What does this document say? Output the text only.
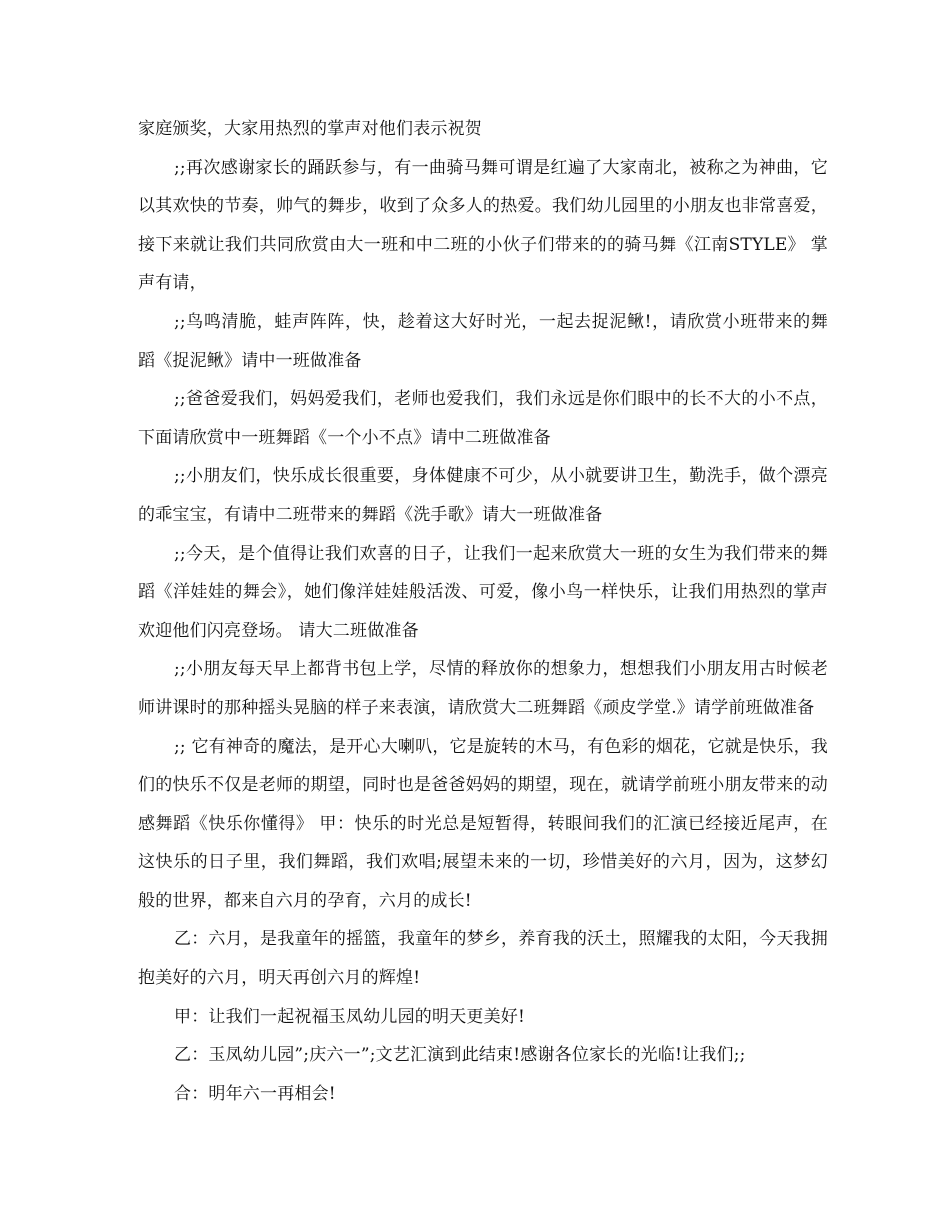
家庭颁奖，大家用热烈的掌声对他们表示祝贺

;;再次感谢家长的踊跃参与，有一曲骑马舞可谓是红遍了大家南北，被称之为神曲，它以其欢快的节奏，帅气的舞步，收到了众多人的热爱。我们幼儿园里的小朋友也非常喜爱，接下来就让我们共同欣赏由大一班和中二班的小伙子们带来的的骑马舞《江南STYLE》 掌声有请，

;;鸟鸣清脆，蛙声阵阵，快，趁着这大好时光，一起去捉泥鳅!，请欣赏小班带来的舞蹈《捉泥鳅》请中一班做准备

;;爸爸爱我们，妈妈爱我们，老师也爱我们，我们永远是你们眼中的长不大的小不点，下面请欣赏中一班舞蹈《一个小不点》请中二班做准备

;;小朋友们，快乐成长很重要，身体健康不可少，从小就要讲卫生，勤洗手，做个漂亮的乖宝宝，有请中二班带来的舞蹈《洗手歌》请大一班做准备

;;今天，是个值得让我们欢喜的日子，让我们一起来欣赏大一班的女生为我们带来的舞蹈《洋娃娃的舞会》，她们像洋娃娃般活泼、可爱，像小鸟一样快乐，让我们用热烈的掌声欢迎他们闪亮登场。 请大二班做准备

;;小朋友每天早上都背书包上学，尽情的释放你的想象力，想想我们小朋友用古时候老师讲课时的那种摇头晃脑的样子来表演，请欣赏大二班舞蹈《顽皮学堂.》请学前班做准备

;; 它有神奇的魔法，是开心大喇叭，它是旋转的木马，有色彩的烟花，它就是快乐，我们的快乐不仅是老师的期望，同时也是爸爸妈妈的期望，现在，就请学前班小朋友带来的动感舞蹈《快乐你懂得》 甲：快乐的时光总是短暂得，转眼间我们的汇演已经接近尾声，在这快乐的日子里，我们舞蹈，我们欢唱;展望未来的一切，珍惜美好的六月，因为，这梦幻般的世界，都来自六月的孕育，六月的成长!

乙：六月，是我童年的摇篮，我童年的梦乡，养育我的沃土，照耀我的太阳，今天我拥抱美好的六月，明天再创六月的辉煌!

甲：让我们一起祝福玉凤幼儿园的明天更美好!

乙：玉凤幼儿园”;庆六一”;文艺汇演到此结束!感谢各位家长的光临!让我们;;

合：明年六一再相会!
